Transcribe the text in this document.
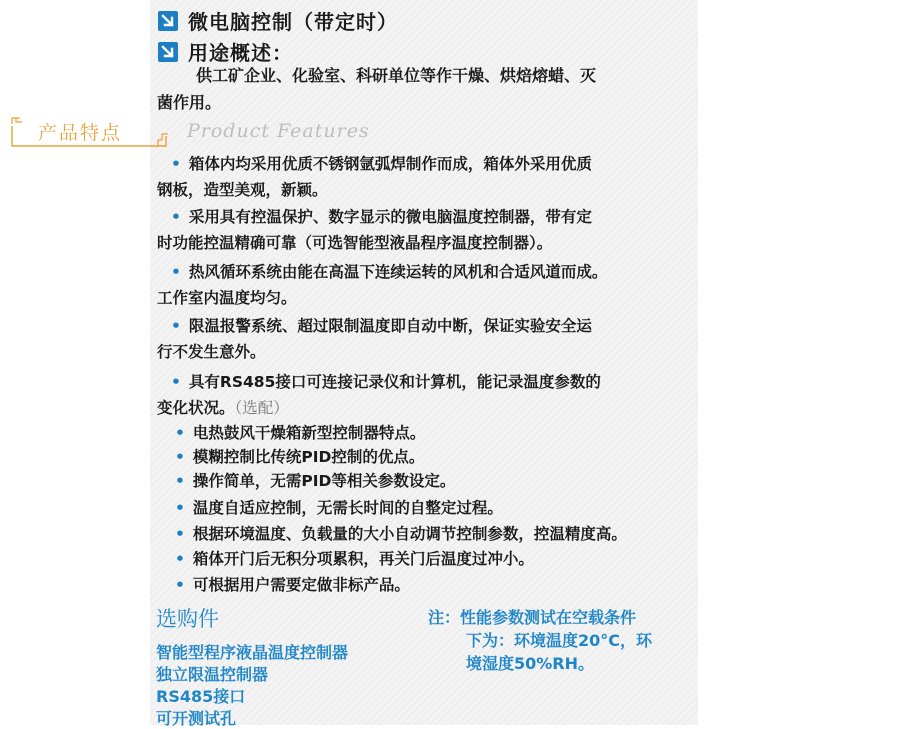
微电脑控制（带定时）
用途概述：
供工矿企业、化验室、科研单位等作干燥、烘焙熔蜡、灭
菌作用。
产品特点	Product Features
• 箱体内均采用优质不锈钢氩弧焊制作而成，箱体外采用优质
钢板，造型美观，新颖。
• 采用具有控温保护、数字显示的微电脑温度控制器，带有定
时功能控温精确可靠（可选智能型液晶程序温度控制器）。
• 热风循环系统由能在高温下连续运转的风机和合适风道而成。
工作室内温度均匀。
• 限温报警系统、超过限制温度即自动中断，保证实验安全运
行不发生意外。
• 具有RS485接口可连接记录仪和计算机，能记录温度参数的
变化状况。（选配）
• 电热鼓风干燥箱新型控制器特点。
• 模糊控制比传统PID控制的优点。
• 操作简单，无需PID等相关参数设定。
• 温度自适应控制，无需长时间的自整定过程。
• 根据环境温度、负载量的大小自动调节控制参数，控温精度高。
• 箱体开门后无积分项累积，再关门后温度过冲小。
• 可根据用户需要定做非标产品。
选购件
智能型程序液晶温度控制器
独立限温控制器
RS485接口
可开测试孔
注：性能参数测试在空载条件

下为：环境温度20°C，环
境湿度50%RH。
